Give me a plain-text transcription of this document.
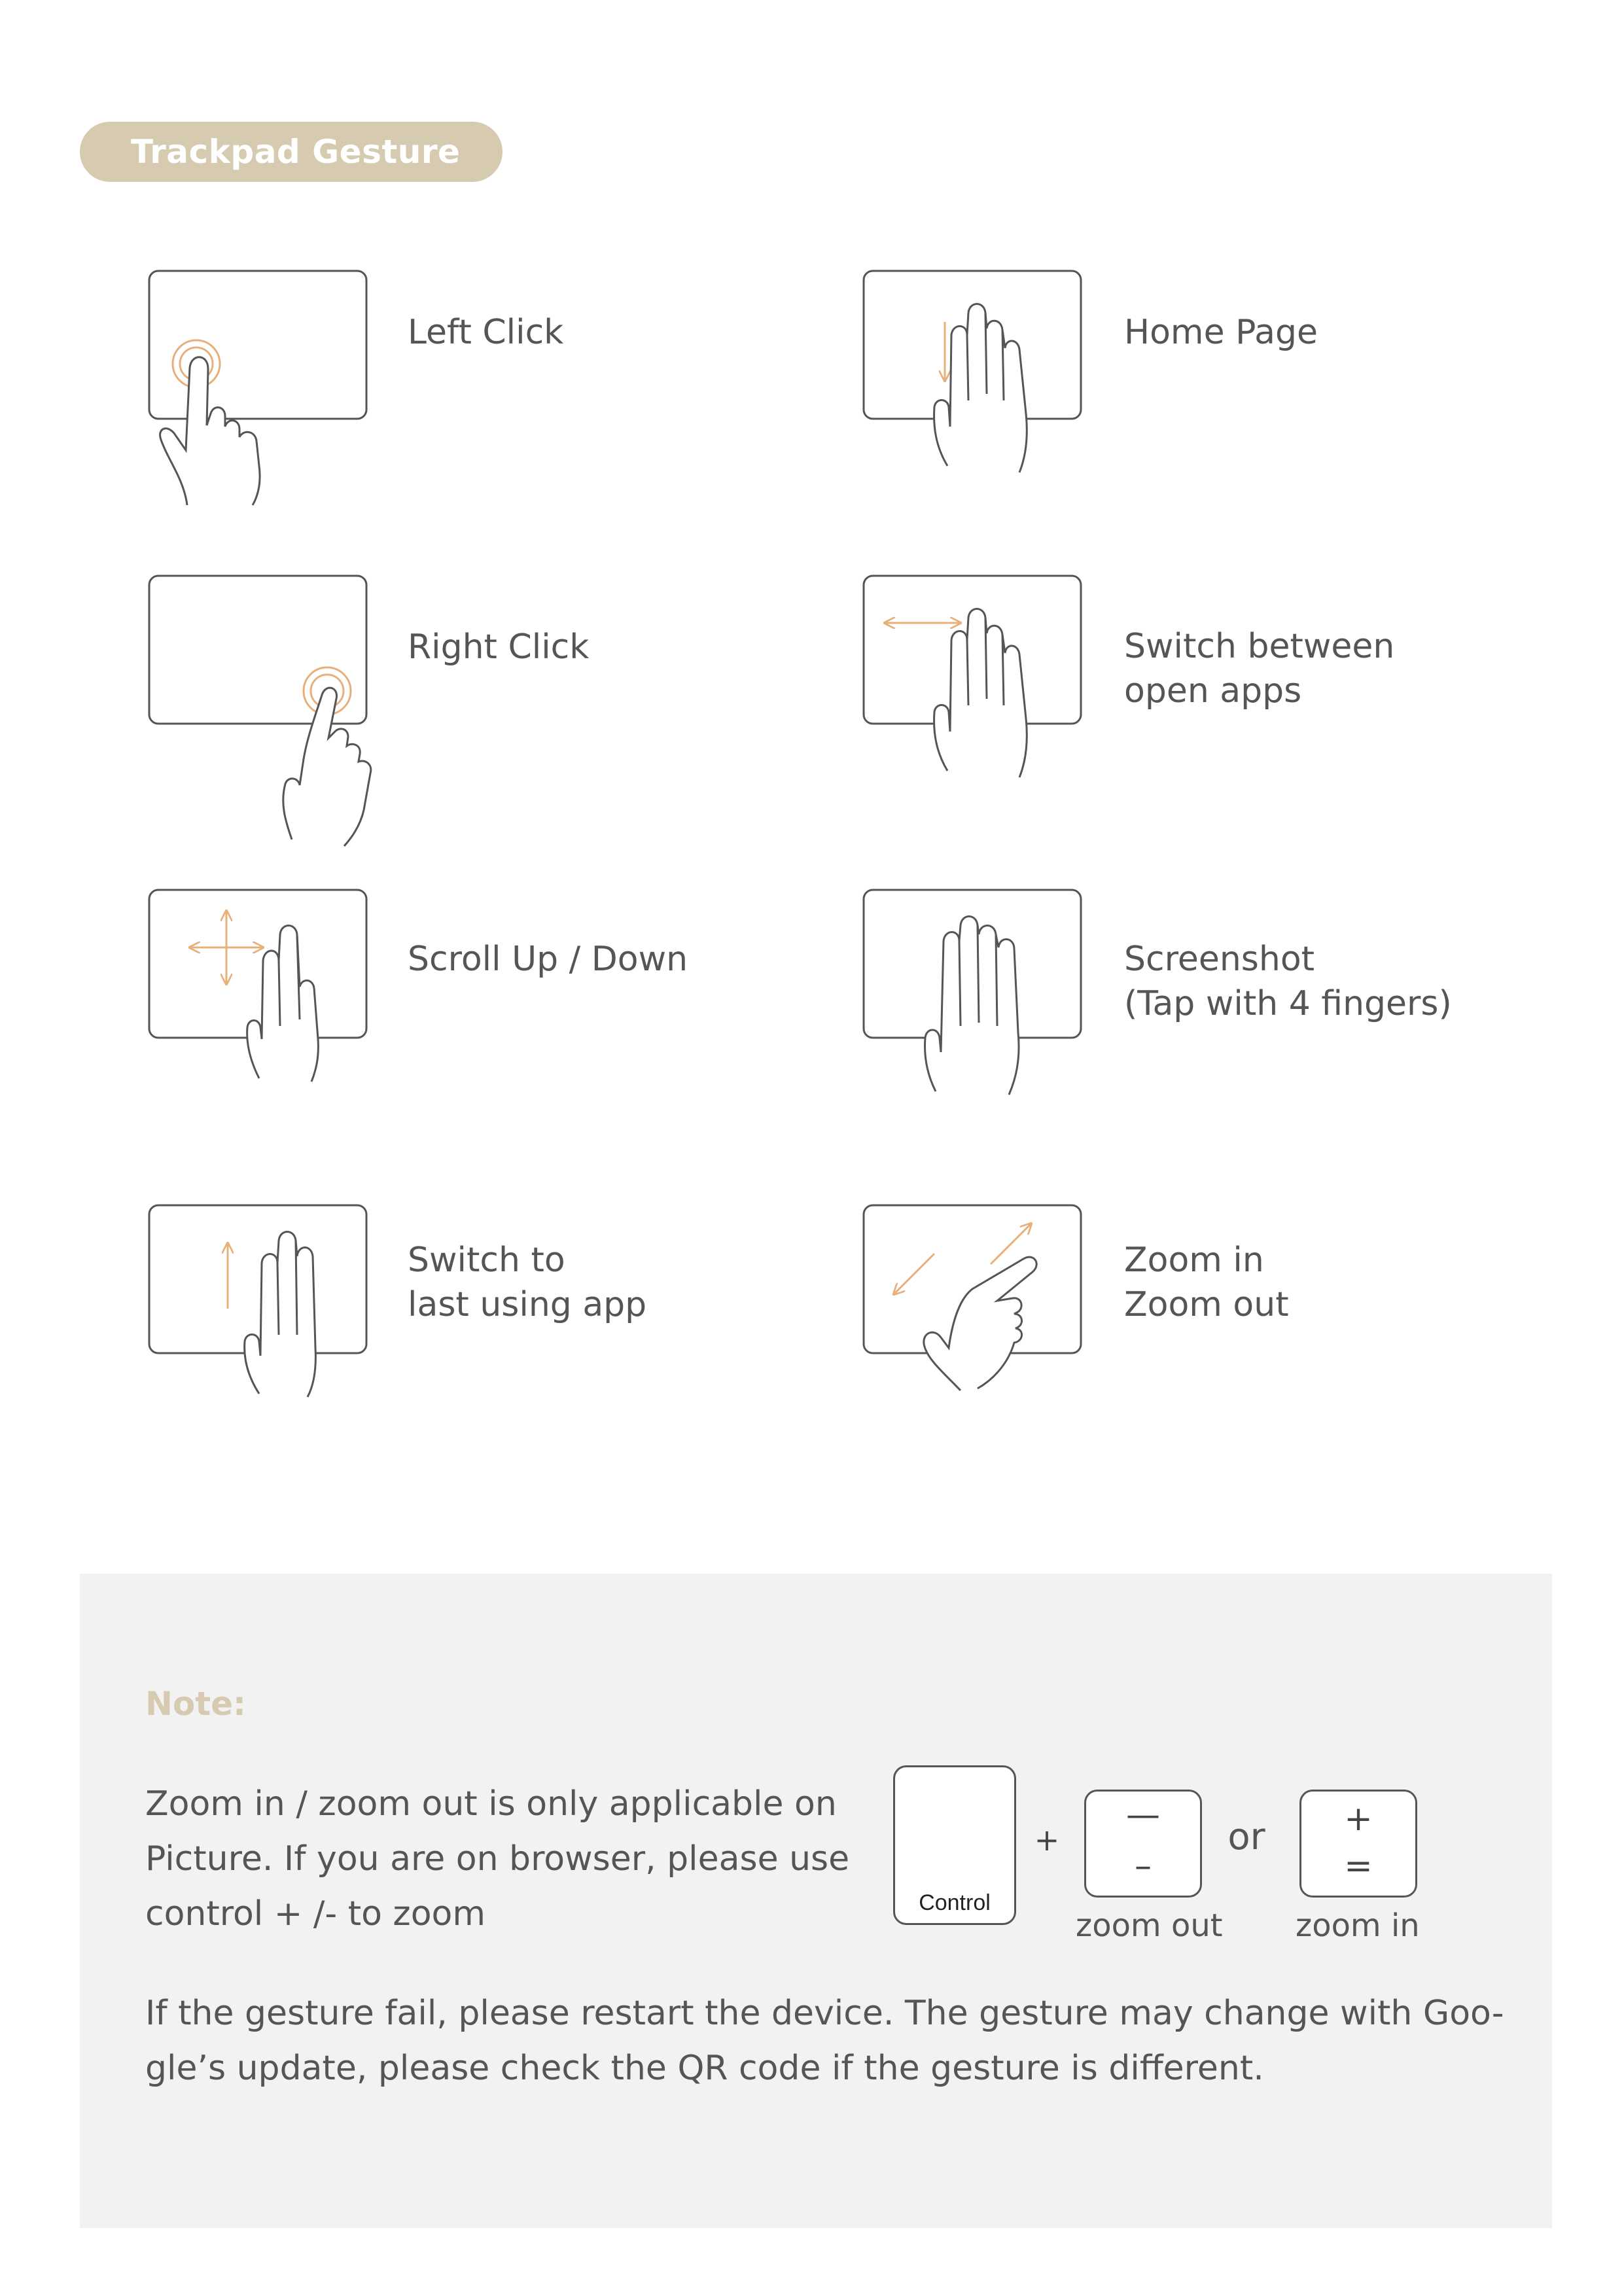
Trackpad Gesture
Left Click	Home Page
Right Click	Switch between
open apps
Scroll Up / Down	Screenshot
(Tap with 4 fingers)
Switch to
last using app
Zoom in
Zoom out
Note:
Zoom in / zoom out is only applicable on
Picture. If you are on browser, please use
control + /- to zoom	Control
+
—
–
or	+
=
zoom out zoom in
If the gesture fail, please restart the device. The gesture may change with Goo-
gle’s update, please check the QR code if the gesture is different.
